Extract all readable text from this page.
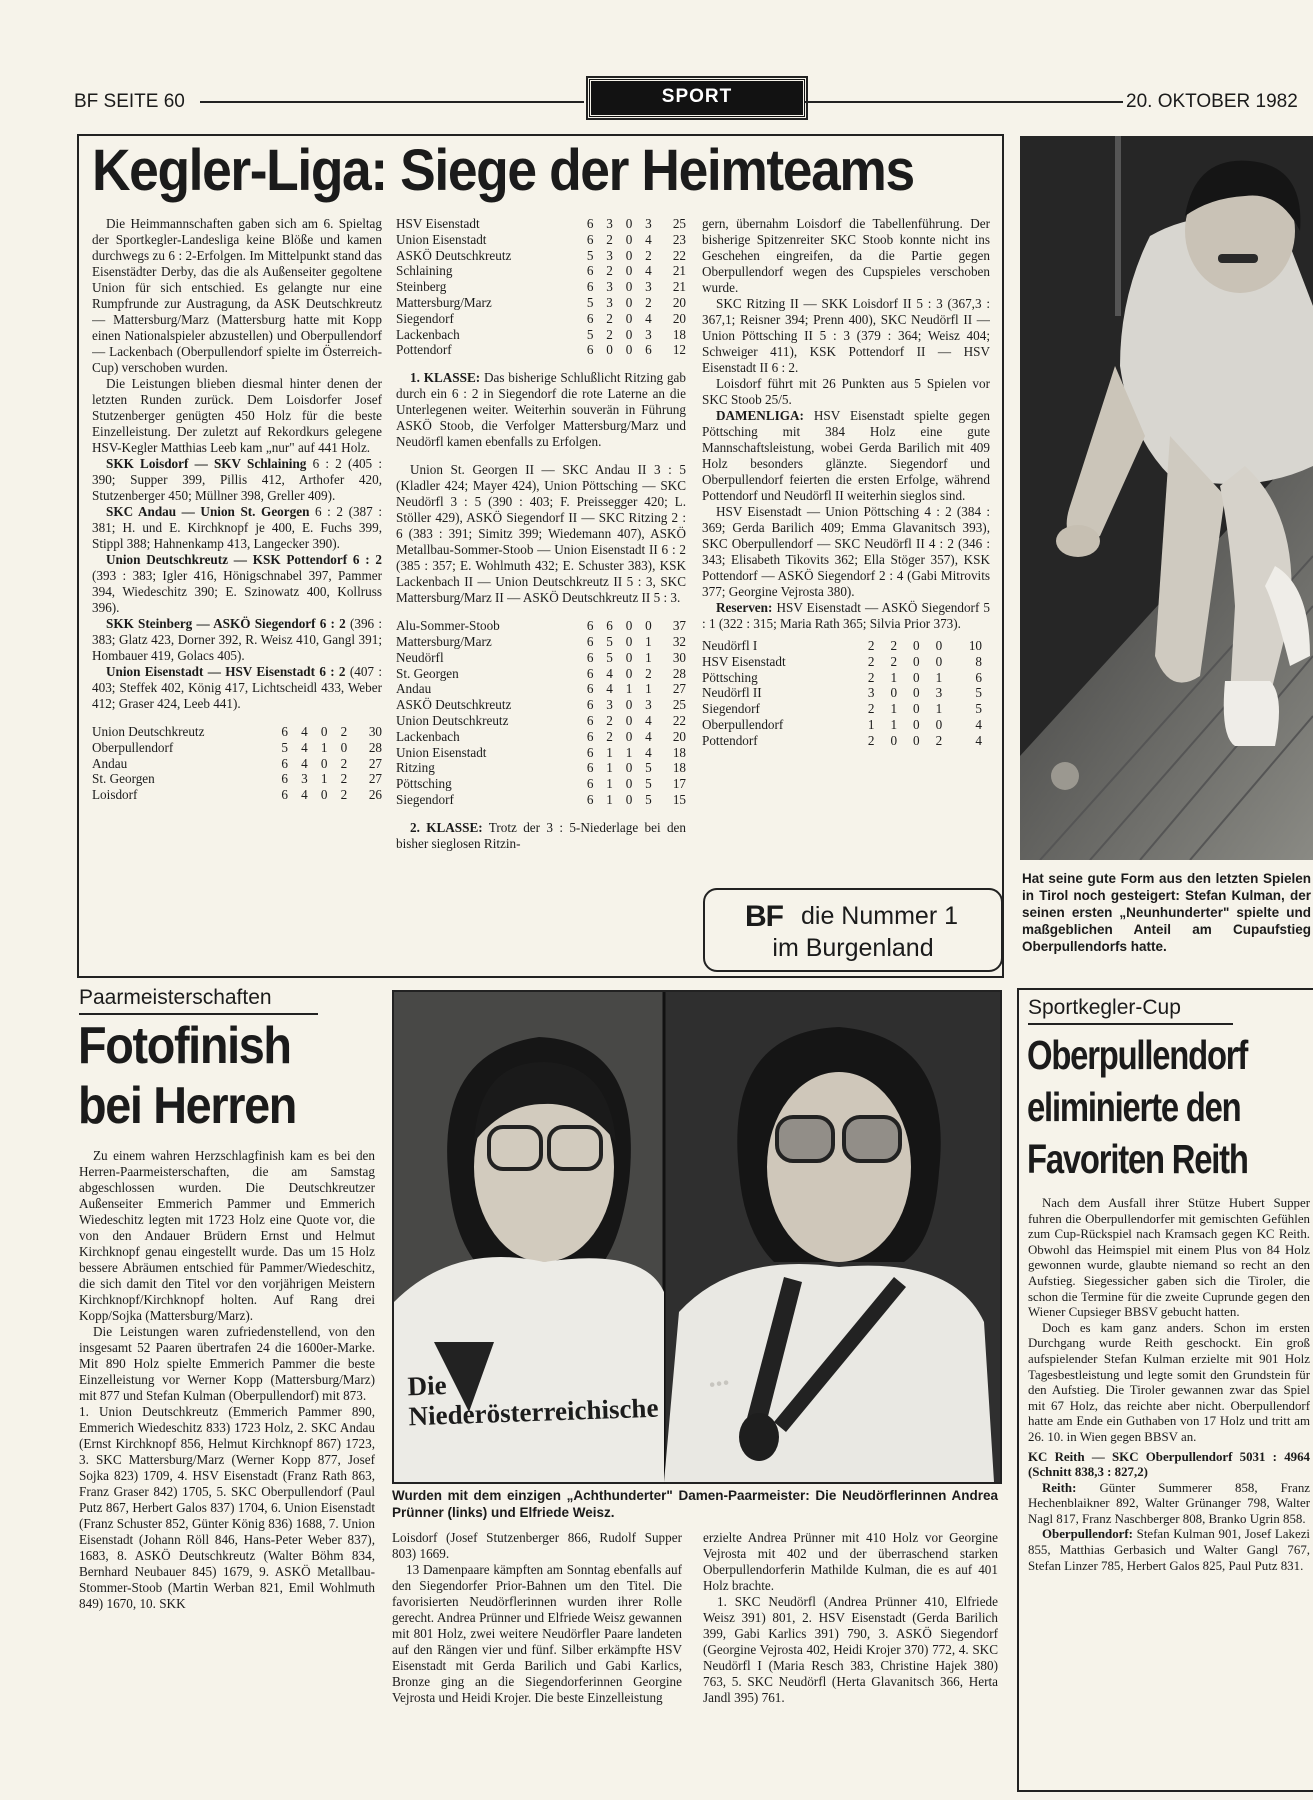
BF SEITE 60	SPORT	20. OKTOBER 1982
Kegler-Liga: Siege der Heimteams

Die Heimmannschaften gaben sich am 6. Spieltag der Sportkegler-Landesliga keine Blöße und kamen durchwegs zu 6 : 2-Erfolgen. Im Mittelpunkt stand das Eisenstädter Derby, das die als Außenseiter gegoltene Union für sich entschied. Es gelangte nur eine Rumpfrunde zur Austragung, da ASK Deutschkreutz — Mattersburg/Marz (Mattersburg hatte mit Kopp einen Nationalspieler abzustellen) und Oberpullendorf — Lackenbach (Oberpullendorf spielte im Österreich-Cup) verschoben wurden.

Die Leistungen blieben diesmal hinter denen der letzten Runden zurück. Dem Loisdorfer Josef Stutzenberger genügten 450 Holz für die beste Einzelleistung. Der zuletzt auf Rekordkurs gelegene HSV-Kegler Matthias Leeb kam „nur" auf 441 Holz.

SKK Loisdorf — SKV Schlaining 6 : 2 (405 : 390; Supper 399, Pillis 412, Arthofer 420, Stutzenberger 450; Müllner 398, Greller 409).

SKC Andau — Union St. Georgen 6 : 2 (387 : 381; H. und E. Kirchknopf je 400, E. Fuchs 399, Stippl 388; Hahnenkamp 413, Langecker 390).

Union Deutschkreutz — KSK Pottendorf 6 : 2 (393 : 383; Igler 416, Hönigschnabel 397, Pammer 394, Wiedeschitz 390; E. Szinowatz 400, Kollruss 396).

SKK Steinberg — ASKÖ Siegendorf 6 : 2 (396 : 383; Glatz 423, Dorner 392, R. Weisz 410, Gangl 391; Hombauer 419, Golacs 405).

Union Eisenstadt — HSV Eisenstadt 6 : 2 (407 : 403; Steffek 402, König 417, Lichtscheidl 433, Weber 412; Graser 424, Leeb 441).

Union Deutschkreutz	6	4	0	2	30
Oberpullendorf	5	4	1	0	28
Andau	6	4	0	2	27
St. Georgen	6	3	1	2	27
Loisdorf	6	4	0	2	26
HSV Eisenstadt	6	3	0	3	25
Union Eisenstadt	6	2	0	4	23
ASKÖ Deutschkreutz	5	3	0	2	22
Schlaining	6	2	0	4	21
Steinberg	6	3	0	3	21
Mattersburg/Marz	5	3	0	2	20
Siegendorf	6	2	0	4	20
Lackenbach	5	2	0	3	18
Pottendorf	6	0	0	6	12

1. KLASSE: Das bisherige Schlußlicht Ritzing gab durch ein 6 : 2 in Siegendorf die rote Laterne an die Unterlegenen weiter. Weiterhin souverän in Führung ASKÖ Stoob, die Verfolger Mattersburg/Marz und Neudörfl kamen ebenfalls zu Erfolgen.

Union St. Georgen II — SKC Andau II 3 : 5 (Kladler 424; Mayer 424), Union Pöttsching — SKC Neudörfl 3 : 5 (390 : 403; F. Preissegger 420; L. Stöller 429), ASKÖ Siegendorf II — SKC Ritzing 2 : 6 (383 : 391; Simitz 399; Wiedemann 407), ASKÖ Metallbau-Sommer-Stoob — Union Eisenstadt II 6 : 2 (385 : 357; E. Wohlmuth 432; E. Schuster 383), KSK Lackenbach II — Union Deutschkreutz II 5 : 3, SKC Mattersburg/Marz II — ASKÖ Deutschkreutz II 5 : 3.

Alu-Sommer-Stoob	6	6	0	0	37
Mattersburg/Marz	6	5	0	1	32
Neudörfl	6	5	0	1	30
St. Georgen	6	4	0	2	28
Andau	6	4	1	1	27
ASKÖ Deutschkreutz	6	3	0	3	25
Union Deutschkreutz	6	2	0	4	22
Lackenbach	6	2	0	4	20
Union Eisenstadt	6	1	1	4	18
Ritzing	6	1	0	5	18
Pöttsching	6	1	0	5	17
Siegendorf	6	1	0	5	15

2. KLASSE: Trotz der 3 : 5-Niederlage bei den bisher sieglosen Ritzin-

gern, übernahm Loisdorf die Tabellenführung. Der bisherige Spitzenreiter SKC Stoob konnte nicht ins Geschehen eingreifen, da die Partie gegen Oberpullendorf wegen des Cupspieles verschoben wurde.

SKC Ritzing II — SKK Loisdorf II 5 : 3 (367,3 : 367,1; Reisner 394; Prenn 400), SKC Neudörfl II — Union Pöttsching II 5 : 3 (379 : 364; Weisz 404; Schweiger 411), KSK Pottendorf II — HSV Eisenstadt II 6 : 2.

Loisdorf führt mit 26 Punkten aus 5 Spielen vor SKC Stoob 25/5.

DAMENLIGA: HSV Eisenstadt spielte gegen Pöttsching mit 384 Holz eine gute Mannschaftsleistung, wobei Gerda Barilich mit 409 Holz besonders glänzte. Siegendorf und Oberpullendorf feierten die ersten Erfolge, während Pottendorf und Neudörfl II weiterhin sieglos sind.

HSV Eisenstadt — Union Pöttsching 4 : 2 (384 : 369; Gerda Barilich 409; Emma Glavanitsch 393), SKC Oberpullendorf — SKC Neudörfl II 4 : 2 (346 : 343; Elisabeth Tikovits 362; Ella Stöger 357), KSK Pottendorf — ASKÖ Siegendorf 2 : 4 (Gabi Mitrovits 377; Georgine Vejrosta 380).

Reserven: HSV Eisenstadt — ASKÖ Siegendorf 5 : 1 (322 : 315; Maria Rath 365; Silvia Prior 373).

Neudörfl I	2	2	0	0	10
HSV Eisenstadt	2	2	0	0	8
Pöttsching	2	1	0	1	6
Neudörfl II	3	0	0	3	5
Siegendorf	2	1	0	1	5
Oberpullendorf	1	1	0	0	4
Pottendorf	2	0	0	2	4
BF die Nummer 1
im Burgenland
Hat seine gute Form aus den letzten Spielen in Tirol noch gesteigert: Stefan Kulman, der seinen ersten „Neunhunderter" spielte und maßgeblichen Anteil am Cupaufstieg Oberpullendorfs hatte.
Paarmeisterschaften
Fotofinish
bei Herren

Zu einem wahren Herzschlagfinish kam es bei den Herren-Paarmeisterschaften, die am Samstag abgeschlossen wurden. Die Deutschkreutzer Außenseiter Emmerich Pammer und Emmerich Wiedeschitz legten mit 1723 Holz eine Quote vor, die von den Andauer Brüdern Ernst und Helmut Kirchknopf genau eingestellt wurde. Das um 15 Holz bessere Abräumen entschied für Pammer/Wiedeschitz, die sich damit den Titel vor den vorjährigen Meistern Kirchknopf/Kirchknopf holten. Auf Rang drei Kopp/Sojka (Mattersburg/Marz).

Die Leistungen waren zufriedenstellend, von den insgesamt 52 Paaren übertrafen 24 die 1600er-Marke. Mit 890 Holz spielte Emmerich Pammer die beste Einzelleistung vor Werner Kopp (Mattersburg/Marz) mit 877 und Stefan Kulman (Oberpullendorf) mit 873.

1. Union Deutschkreutz (Emmerich Pammer 890, Emmerich Wiedeschitz 833) 1723 Holz, 2. SKC Andau (Ernst Kirchknopf 856, Helmut Kirchknopf 867) 1723, 3. SKC Mattersburg/Marz (Werner Kopp 877, Josef Sojka 823) 1709, 4. HSV Eisenstadt (Franz Rath 863, Franz Graser 842) 1705, 5. SKC Oberpullendorf (Paul Putz 867, Herbert Galos 837) 1704, 6. Union Eisenstadt (Franz Schuster 852, Günter König 836) 1688, 7. Union Eisenstadt (Johann Röll 846, Hans-Peter Weber 837), 1683, 8. ASKÖ Deutschkreutz (Walter Böhm 834, Bernhard Neubauer 845) 1679, 9. ASKÖ Metallbau-Stommer-Stoob (Martin Werban 821, Emil Wohlmuth 849) 1670, 10. SKK

...
Die Niederösterreichische
Wurden mit dem einzigen „Achthunderter" Damen-Paarmeister: Die Neudörflerinnen Andrea Prünner (links) und Elfriede Weisz.

Loisdorf (Josef Stutzenberger 866, Rudolf Supper 803) 1669.

13 Damenpaare kämpften am Sonntag ebenfalls auf den Siegendorfer Prior-Bahnen um den Titel. Die favorisierten Neudörflerinnen wurden ihrer Rolle gerecht. Andrea Prünner und Elfriede Weisz gewannen mit 801 Holz, zwei weitere Neudörfler Paare landeten auf den Rängen vier und fünf. Silber erkämpfte HSV Eisenstadt mit Gerda Barilich und Gabi Karlics, Bronze ging an die Siegendorferinnen Georgine Vejrosta und Heidi Krojer. Die beste Einzelleistung

erzielte Andrea Prünner mit 410 Holz vor Georgine Vejrosta mit 402 und der überraschend starken Oberpullendorferin Mathilde Kulman, die es auf 401 Holz brachte.

1. SKC Neudörfl (Andrea Prünner 410, Elfriede Weisz 391) 801, 2. HSV Eisenstadt (Gerda Barilich 399, Gabi Karlics 391) 790, 3. ASKÖ Siegendorf (Georgine Vejrosta 402, Heidi Krojer 370) 772, 4. SKC Neudörfl I (Maria Resch 383, Christine Hajek 380) 763, 5. SKC Neudörfl (Herta Glavanitsch 366, Herta Jandl 395) 761.

Sportkegler-Cup
Oberpullendorf
eliminierte den
Favoriten Reith

Nach dem Ausfall ihrer Stütze Hubert Supper fuhren die Oberpullendorfer mit gemischten Gefühlen zum Cup-Rückspiel nach Kramsach gegen KC Reith. Obwohl das Heimspiel mit einem Plus von 84 Holz gewonnen wurde, glaubte niemand so recht an den Aufstieg. Siegessicher gaben sich die Tiroler, die schon die Termine für die zweite Cuprunde gegen den Wiener Cupsieger BBSV gebucht hatten.

Doch es kam ganz anders. Schon im ersten Durchgang wurde Reith geschockt. Ein groß aufspielender Stefan Kulman erzielte mit 901 Holz Tagesbestleistung und legte somit den Grundstein für den Aufstieg. Die Tiroler gewannen zwar das Spiel mit 67 Holz, das reichte aber nicht. Oberpullendorf hatte am Ende ein Guthaben von 17 Holz und tritt am 26. 10. in Wien gegen BBSV an.

KC Reith — SKC Oberpullendorf 5031 : 4964 (Schnitt 838,3 : 827,2)

Reith: Günter Summerer 858, Franz Hechenblaikner 892, Walter Grünanger 798, Walter Nagl 817, Franz Naschberger 808, Branko Ugrin 858.

Oberpullendorf: Stefan Kulman 901, Josef Lakezi 855, Matthias Gerbasich und Walter Gangl 767, Stefan Linzer 785, Herbert Galos 825, Paul Putz 831.
